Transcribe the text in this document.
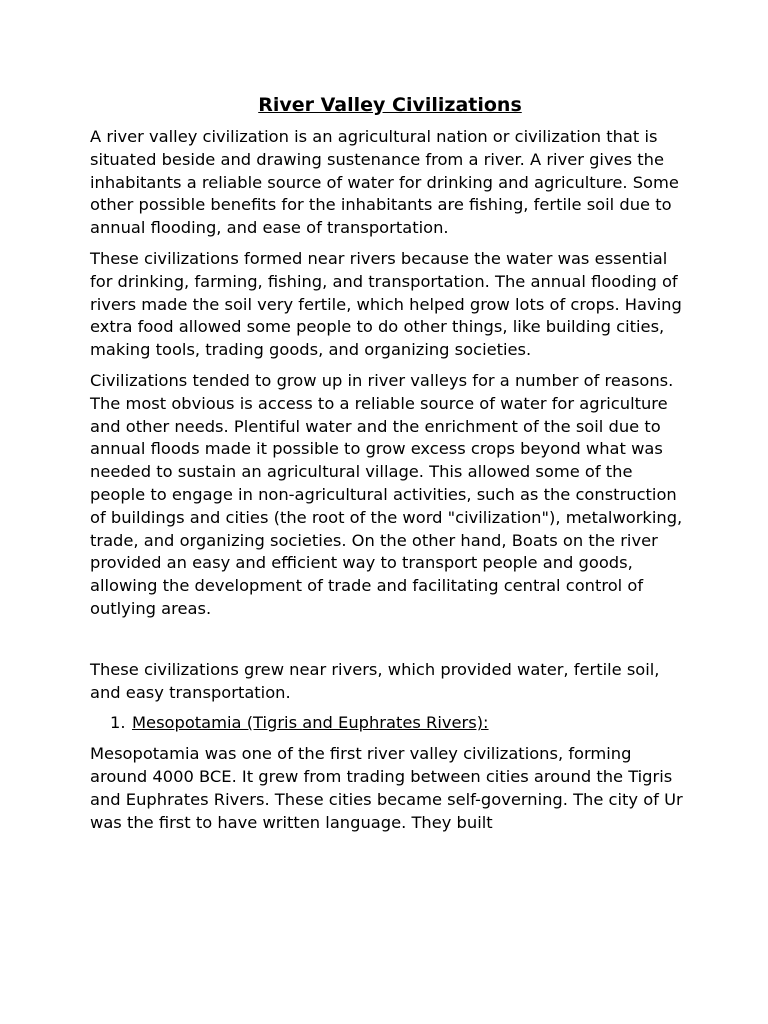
River Valley Civilizations

A river valley civilization is an agricultural nation or civilization that is situated beside and drawing sustenance from a river. A river gives the inhabitants a reliable source of water for drinking and agriculture. Some other possible benefits for the inhabitants are fishing, fertile soil due to annual flooding, and ease of transportation.

These civilizations formed near rivers because the water was essential for drinking, farming, fishing, and transportation. The annual flooding of rivers made the soil very fertile, which helped grow lots of crops. Having extra food allowed some people to do other things, like building cities, making tools, trading goods, and organizing societies.

Civilizations tended to grow up in river valleys for a number of reasons. The most obvious is access to a reliable source of water for agriculture and other needs. Plentiful water and the enrichment of the soil due to annual floods made it possible to grow excess crops beyond what was needed to sustain an agricultural village. This allowed some of the people to engage in non-agricultural activities, such as the construction of buildings and cities (the root of the word "civilization"), metalworking, trade, and organizing societies. On the other hand, Boats on the river provided an easy and efficient way to transport people and goods, allowing the development of trade and facilitating central control of outlying areas.

These civilizations grew near rivers, which provided water, fertile soil, and easy transportation.

1. Mesopotamia (Tigris and Euphrates Rivers):

Mesopotamia was one of the first river valley civilizations, forming around 4000 BCE. It grew from trading between cities around the Tigris and Euphrates Rivers. These cities became self-governing. The city of Ur was the first to have written language. They built
